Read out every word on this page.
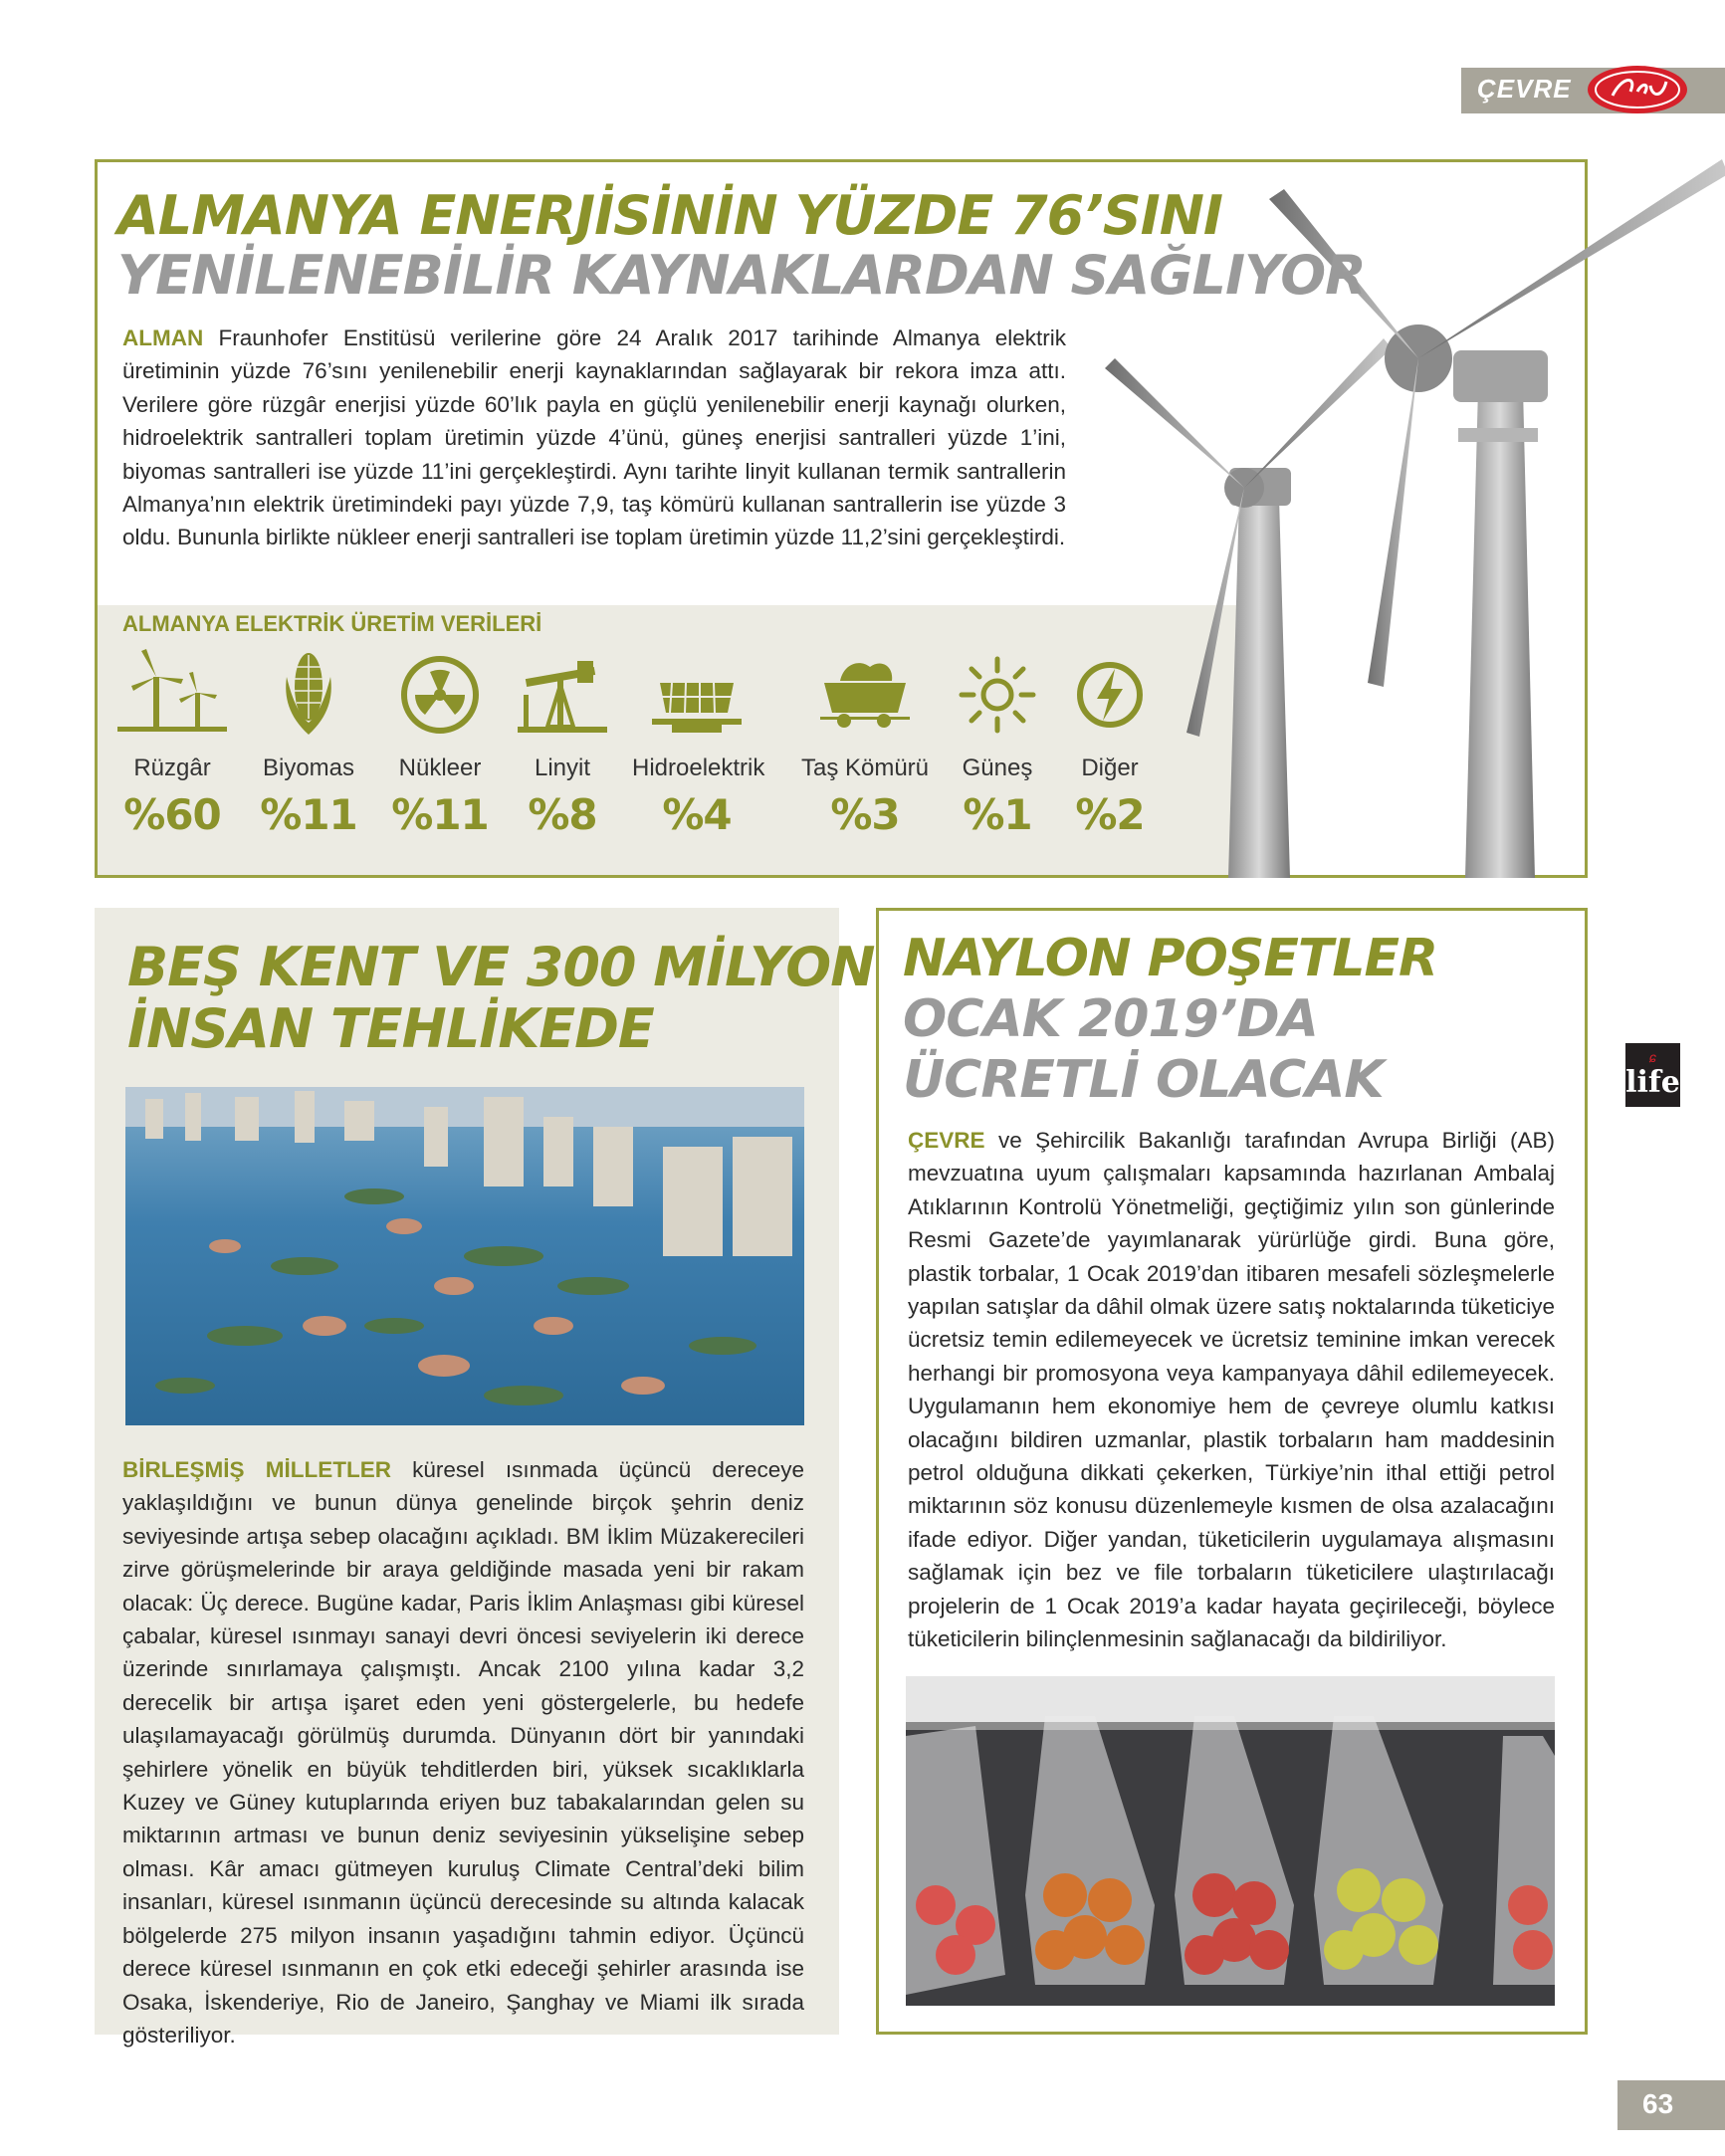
ÇEVRE
ALMANYA ENERJİSİNİN YÜZDE 76’SINI
YENİLENEBİLİR KAYNAKLARDAN SAĞLIYOR
ALMAN Fraunhofer Enstitüsü verilerine göre 24 Aralık 2017 tarihinde Almanya elektrik üretiminin yüzde 76’sını yenilenebilir enerji kaynaklarından sağlayarak bir rekora imza attı. Verilere göre rüzgâr enerjisi yüzde 60’lık payla en güçlü yenilenebilir enerji kaynağı olurken, hidroelektrik santralleri toplam üretimin yüzde 4’ünü, güneş enerjisi santralleri yüzde 1’ini, biyomas santralleri ise yüzde 11’ini gerçekleştirdi. Aynı tarihte linyit kullanan termik santrallerin Almanya’nın elektrik üretimindeki payı yüzde 7,9, taş kömürü kullanan santrallerin ise yüzde 3 oldu. Bununla birlikte nükleer enerji santralleri ise toplam üretimin yüzde 11,2’sini gerçekleştirdi.
ALMANYA ELEKTRİK ÜRETİM VERİLERİ
Rüzgâr
%60
Biyomas
%11
Nükleer
%11
Linyit
%8
Hidroelektrik
%4
Taş Kömürü
%3
Güneş
%1
Diğer
%2
BEŞ KENT VE 300 MİLYON
İNSAN TEHLİKEDE
BİRLEŞMİŞ MİLLETLER küresel ısınmada üçüncü dereceye yaklaşıldığını ve bunun dünya genelinde birçok şehrin deniz seviyesinde artışa sebep olacağını açıkladı. BM İklim Müzakerecileri zirve görüşmelerinde bir araya geldiğinde masada yeni bir rakam olacak: Üç derece. Bugüne kadar, Paris İklim Anlaşması gibi küresel çabalar, küresel ısınmayı sanayi devri öncesi seviyelerin iki derece üzerinde sınırlamaya çalışmıştı. Ancak 2100 yılına kadar 3,2 derecelik bir artışa işaret eden yeni göstergelerle, bu hedefe ulaşılamayacağı görülmüş durumda. Dünyanın dört bir yanındaki şehirlere yönelik en büyük tehditlerden biri, yüksek sıcaklıklarla Kuzey ve Güney kutuplarında eriyen buz tabakalarından gelen su miktarının artması ve bunun deniz seviyesinin yükselişine sebep olması. Kâr amacı gütmeyen kuruluş Climate Central’deki bilim insanları, küresel ısınmanın üçüncü derecesinde su altında kalacak bölgelerde 275 milyon insanın yaşadığını tahmin ediyor. Üçüncü derece küresel ısınmanın en çok etki edeceği şehirler arasında ise Osaka, İskenderiye, Rio de Janeiro, Şanghay ve Miami ilk sırada gösteriliyor.
NAYLON POŞETLER
OCAK 2019’DA
ÜCRETLİ OLACAK
ÇEVRE ve Şehircilik Bakanlığı tarafından Avrupa Birliği (AB) mevzuatına uyum çalışmaları kapsamında hazırlanan Ambalaj Atıklarının Kontrolü Yönetmeliği, geçtiğimiz yılın son günlerinde Resmi Gazete’de yayımlanarak yürürlüğe girdi. Buna göre, plastik torbalar, 1 Ocak 2019’dan itibaren mesafeli sözleşmelerle yapılan satışlar da dâhil olmak üzere satış noktalarında tüketiciye ücretsiz temin edilemeyecek ve ücretsiz teminine imkan verecek herhangi bir promosyona veya kampanyaya dâhil edilemeyecek. Uygulamanın hem ekonomiye hem de çevreye olumlu katkısı olacağını bildiren uzmanlar, plastik torbaların ham maddesinin petrol olduğuna dikkati çekerken, Türkiye’nin ithal ettiği petrol miktarının söz konusu düzenlemeyle kısmen de olsa azalacağını ifade ediyor. Diğer yandan, tüketicilerin uygulamaya alışmasını sağlamak için bez ve file torbaların tüketicilere ulaştırılacağı projelerin de 1 Ocak 2019’a kadar hayata geçirileceği, böylece tüketicilerin bilinçlenmesinin sağlanacağı da bildiriliyor.
ɕ
life
63
